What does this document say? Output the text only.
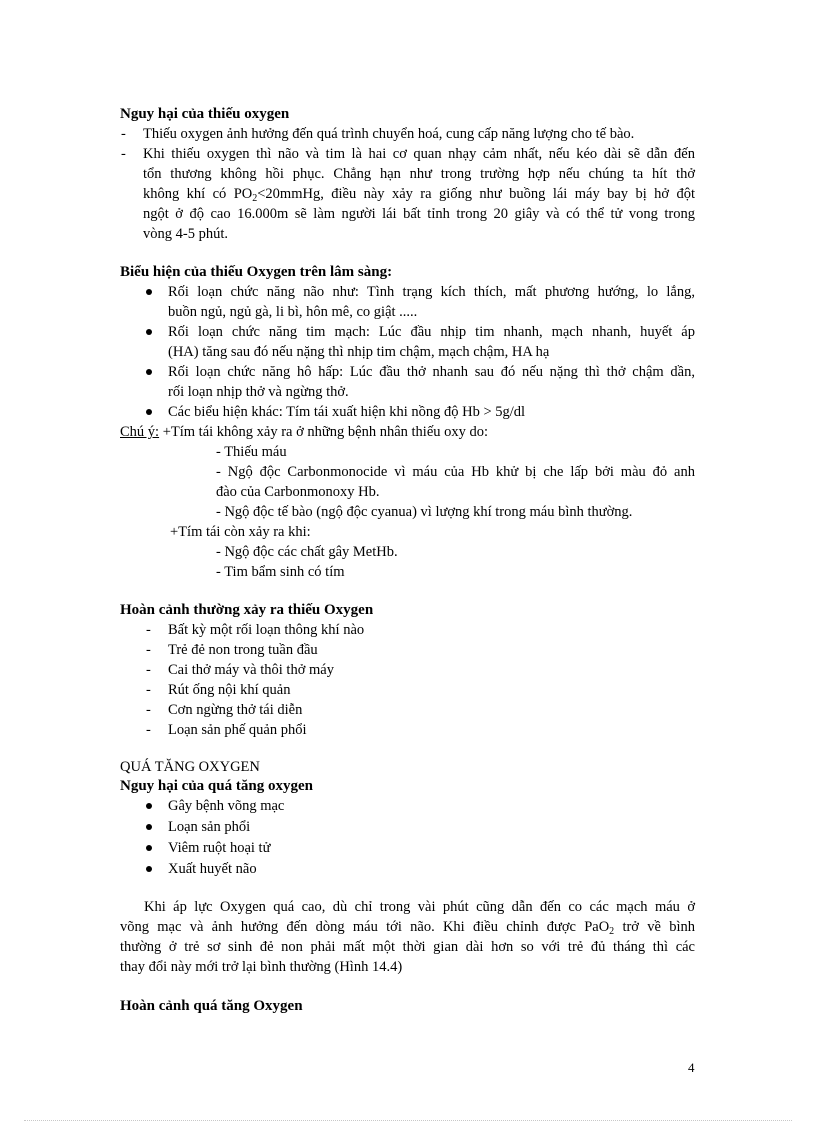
Nguy hại của thiếu oxygen
- Thiếu oxygen ảnh hưởng đến quá trình chuyển hoá, cung cấp năng lượng cho tế bào.
- Khi thiếu oxygen thì não và tim là hai cơ quan nhạy cảm nhất, nếu kéo dài sẽ dẫn đến
tổn thương không hồi phục. Chẳng hạn như trong trường hợp nếu chúng ta hít thở
không khí có $PO_2<20mmHg$, điều này xảy ra giống như buồng lái máy bay bị hở đột
ngột ở độ cao 16.000m sẽ làm người lái bất tỉnh trong 20 giây và có thể tử vong trong
vòng 4-5 phút.
Biểu hiện của thiếu Oxygen trên lâm sàng:
Rối loạn chức năng não như: Tình trạng kích thích, mất phương hướng, lo lắng,
buồn ngủ, ngủ gà, li bì, hôn mê, co giật .....
Rối loạn chức năng tim mạch: Lúc đầu nhịp tim nhanh, mạch nhanh, huyết áp
(HA) tăng sau đó nếu nặng thì nhịp tim chậm, mạch chậm, HA hạ
Rối loạn chức năng hô hấp: Lúc đầu thở nhanh sau đó nếu nặng thì thở chậm dần,
rối loạn nhịp thở và ngừng thở.
Các biểu hiện khác: Tím tái xuất hiện khi nồng độ Hb > 5g/dl
Chú ý: +Tím tái không xảy ra ở những bệnh nhân thiếu oxy do:
- Thiếu máu
- Ngộ độc Carbonmonocide vì máu của Hb khử bị che lấp bởi màu đỏ anh
đào của Carbonmonoxy Hb.
- Ngộ độc tế bào (ngộ độc cyanua) vì lượng khí trong máu bình thường.
+Tím tái còn xảy ra khi:
- Ngộ độc các chất gây MetHb.
- Tim bẩm sinh có tím
Hoàn cảnh thường xảy ra thiếu Oxygen
- Bất kỳ một rối loạn thông khí nào
- Trẻ đẻ non trong tuần đầu
- Cai thở máy và thôi thở máy
- Rút ống nội khí quản
- Cơn ngừng thở tái diễn
- Loạn sản phế quản phổi
QUÁ TĂNG OXYGEN
Nguy hại của quá tăng oxygen
Gây bệnh võng mạc
Loạn sản phổi
Viêm ruột hoại tử
Xuất huyết não
Khi áp lực Oxygen quá cao, dù chỉ trong vài phút cũng dẫn đến co các mạch máu ở
võng mạc và ảnh hưởng đến dòng máu tới não. Khi điều chỉnh được PaO$_2$ trở về bình
thường ở trẻ sơ sinh đẻ non phải mất một thời gian dài hơn so với trẻ đủ tháng thì các
thay đổi này mới trở lại bình thường (Hình 14.4)
Hoàn cảnh quá tăng Oxygen
4
